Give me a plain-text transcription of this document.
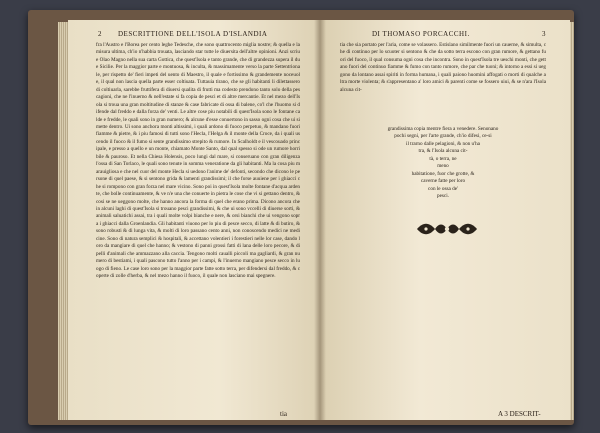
2 DESCRITTIONE DELL'ISOLA D'ISLANDIA
fra l'Austro e l'Borea per cento leghe Tedesche, che sono quattrocento miglia nostre; & quella e la misura ultima, ch'io n'habbia trouata, lasciando star tutte le diuersita dell'altre opinioni. Anzi scriue Olao Magno nella sua carta Gottica, che quest'Isola e tanto grande, che di grandezza supera il due Sicilie. Per la maggior parte e montuosa, & inculta, & massimamente verso la parte Settentrionale, per rispetto de' fieri impeti del uento di Maestro, il quale e fortissimo & grandemente noceuole, il qual non lascia quella parte esser coltiuata. Tuttauia tirano, che se gli habitanti li dilettassero di coltiuarla, sarebbe fruttifera di diuersi qualita di frutti ma codesto prendono tanto solo della pescagioni, che ne l'inuerno & nell'estate si fa copia de pesci et di altre mercantie. Et nel mezo dell'Isola si troua una gran moltitudine di stanze & case fabricate di ossa di balene, co'l che l'huomo si difende dal freddo e dalla forza de' venti. Le altre cose piu notabili di quest'Isola sono le fontane calde e fredde, le quali sono in gran numero; & alcune d'esse conuertono in sasso ogni cosa che ui si mette dentro. Ui sono anchora monti altissimi, i quali ardono di fuoco perpetuo, & mandano fuori fiamme & pietre, & i piu famosi di tutti sono l'Hecla, l'Helga & il monte della Croce, da i quali uscendo il fuoco & il fumo si sente grandissimo strepito & rumore. In Scalholdt e il vescouado principale, e presso a quello e un monte, chiamato Monte Santo, dal qual spesso si ode un rumore horribile & pauroso. Et nella Chiesa Holensis, poco lungi dal mare, si conseruano con gran diligenza l'ossa di San Torlaco, le quali sono tenute in somma veneratione da gli habitanti. Ma la cosa piu marauigliosa e che nel cuor del monte Hecla si uedono l'anime de' defonti, secondo che dicono le persone di quel paese, & si sentono grida & lamenti grandissimi; il che forse auuiene per i ghiacci che si rompono con gran forza nel mare vicino. Sono poi in quest'Isola molte fontane d'acqua ardente, che bolle continuamente, & ve n'e una che conuerte in pietra le cose che vi si gettano dentro, & cosi se ne ueggono molte, che hanno ancora la forma di quel che erano prima. Dicono ancora che in alcuni laghi di quest'Isola si trouano pesci grandissimi, & che ui sono vccelli di diuerse sorti, & animali saluatichi assai, tra i quali molte volpi bianche e nere, & orsi bianchi che ui vengono sopra i ghiacci dalla Groenlandia. Gli habitanti viuono per lo piu di pesce secco, di latte & di butiro, & sono robusti & di lunga vita, & molti di loro passano cento anni, non conoscendo medici ne medicine. Sono di natura semplici & hospitali, & accettano volentieri i forestieri nelle lor case, dando loro da mangiare di quel che hanno; & vestono di panni grossi fatti di lana delle loro pecore, & di pelli d'animali che ammazzano alla caccia. Tengono molti caualli piccoli ma gagliardi, & gran numero di bestiami, i quali pascono tutto l'anno per i campi, & l'inuerno mangiano pesce secco in luogo di fieno. Le case loro sono per la maggior parte fatte sotto terra, per difendersi dal freddo, & coperte di zolle d'herba, & nel mezo hanno il fuoco, il quale non lasciano mai spegnere.
tia
DI THOMASO PORCACCHI.	3
tia che sia portato per l'aria, come se volassero. Estislano similmente fuori un cauerne, & simulta, che di continuo per lo scuoter si sentono & che da sotto terra escono con gran rumore, & gettano fuori del fuoco, il qual consuma ogni cosa che incontra. Sono in quest'Isola tre ueschi monti, che gettano fuori del continuo fiamme & fumo con tanto rumore, che par che tuoni; & intorno a essi si ueggono da lontano assai spiriti in forma humana, i quali paiono huomini affogati o morti di qualche altra morte violenta; & s'appresentano a' loro amici & parenti come se fossero uiui, & se n'ara l'Isola alcuna cit-
grandissima copia mentre fiera a venedere. Senonano
pochi segni, per l'arte grande, ch'io difesi, ce-si
il trarno dalle pelagioni, & non u'ha
tra, & l'Isola alcuna cit-
tà, o terra, ne
meno
habitatione, fuor che grotte, &
caverne fatte per loro
con le ossa de'
pesci.
A 3 DESCRIT-
